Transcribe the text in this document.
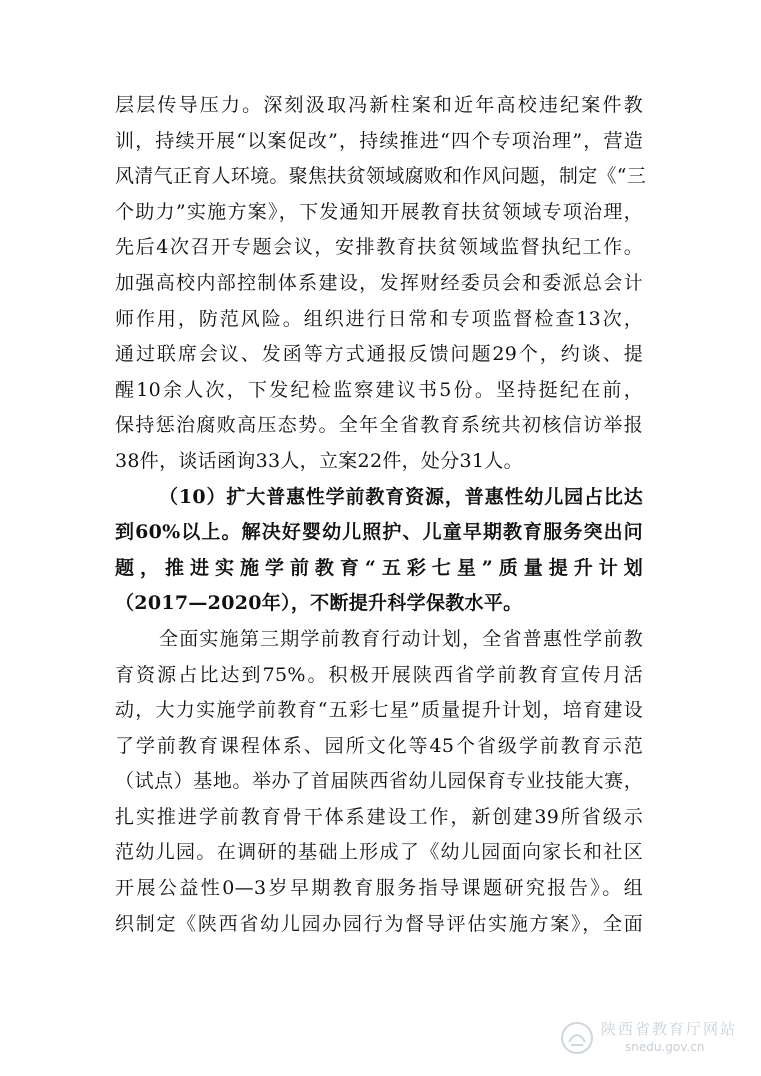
层层传导压力。深刻汲取冯新柱案和近年高校违纪案件教
训，持续开展“以案促改”，持续推进“四个专项治理”，营造
风清气正育人环境。聚焦扶贫领域腐败和作风问题，制定《“三
个助力”实施方案》，下发通知开展教育扶贫领域专项治理，
先后4次召开专题会议，安排教育扶贫领域监督执纪工作。
加强高校内部控制体系建设，发挥财经委员会和委派总会计
师作用，防范风险。组织进行日常和专项监督检查13次，
通过联席会议、发函等方式通报反馈问题29个，约谈、提
醒10余人次，下发纪检监察建议书5份。坚持挺纪在前，
保持惩治腐败高压态势。全年全省教育系统共初核信访举报
38件，谈话函询33人，立案22件，处分31人。
（10）扩大普惠性学前教育资源，普惠性幼儿园占比达
到60%以上。解决好婴幼儿照护、儿童早期教育服务突出问
题，推进实施学前教育“五彩七星”质量提升计划
（2017—2020年），不断提升科学保教水平。
全面实施第三期学前教育行动计划，全省普惠性学前教
育资源占比达到75%。积极开展陕西省学前教育宣传月活
动，大力实施学前教育“五彩七星”质量提升计划，培育建设
了学前教育课程体系、园所文化等45个省级学前教育示范
（试点）基地。举办了首届陕西省幼儿园保育专业技能大赛，
扎实推进学前教育骨干体系建设工作，新创建39所省级示
范幼儿园。在调研的基础上形成了《幼儿园面向家长和社区
开展公益性0—3岁早期教育服务指导课题研究报告》。组
织制定《陕西省幼儿园办园行为督导评估实施方案》，全面
陕西省教育厅网站
snedu.gov.cn
